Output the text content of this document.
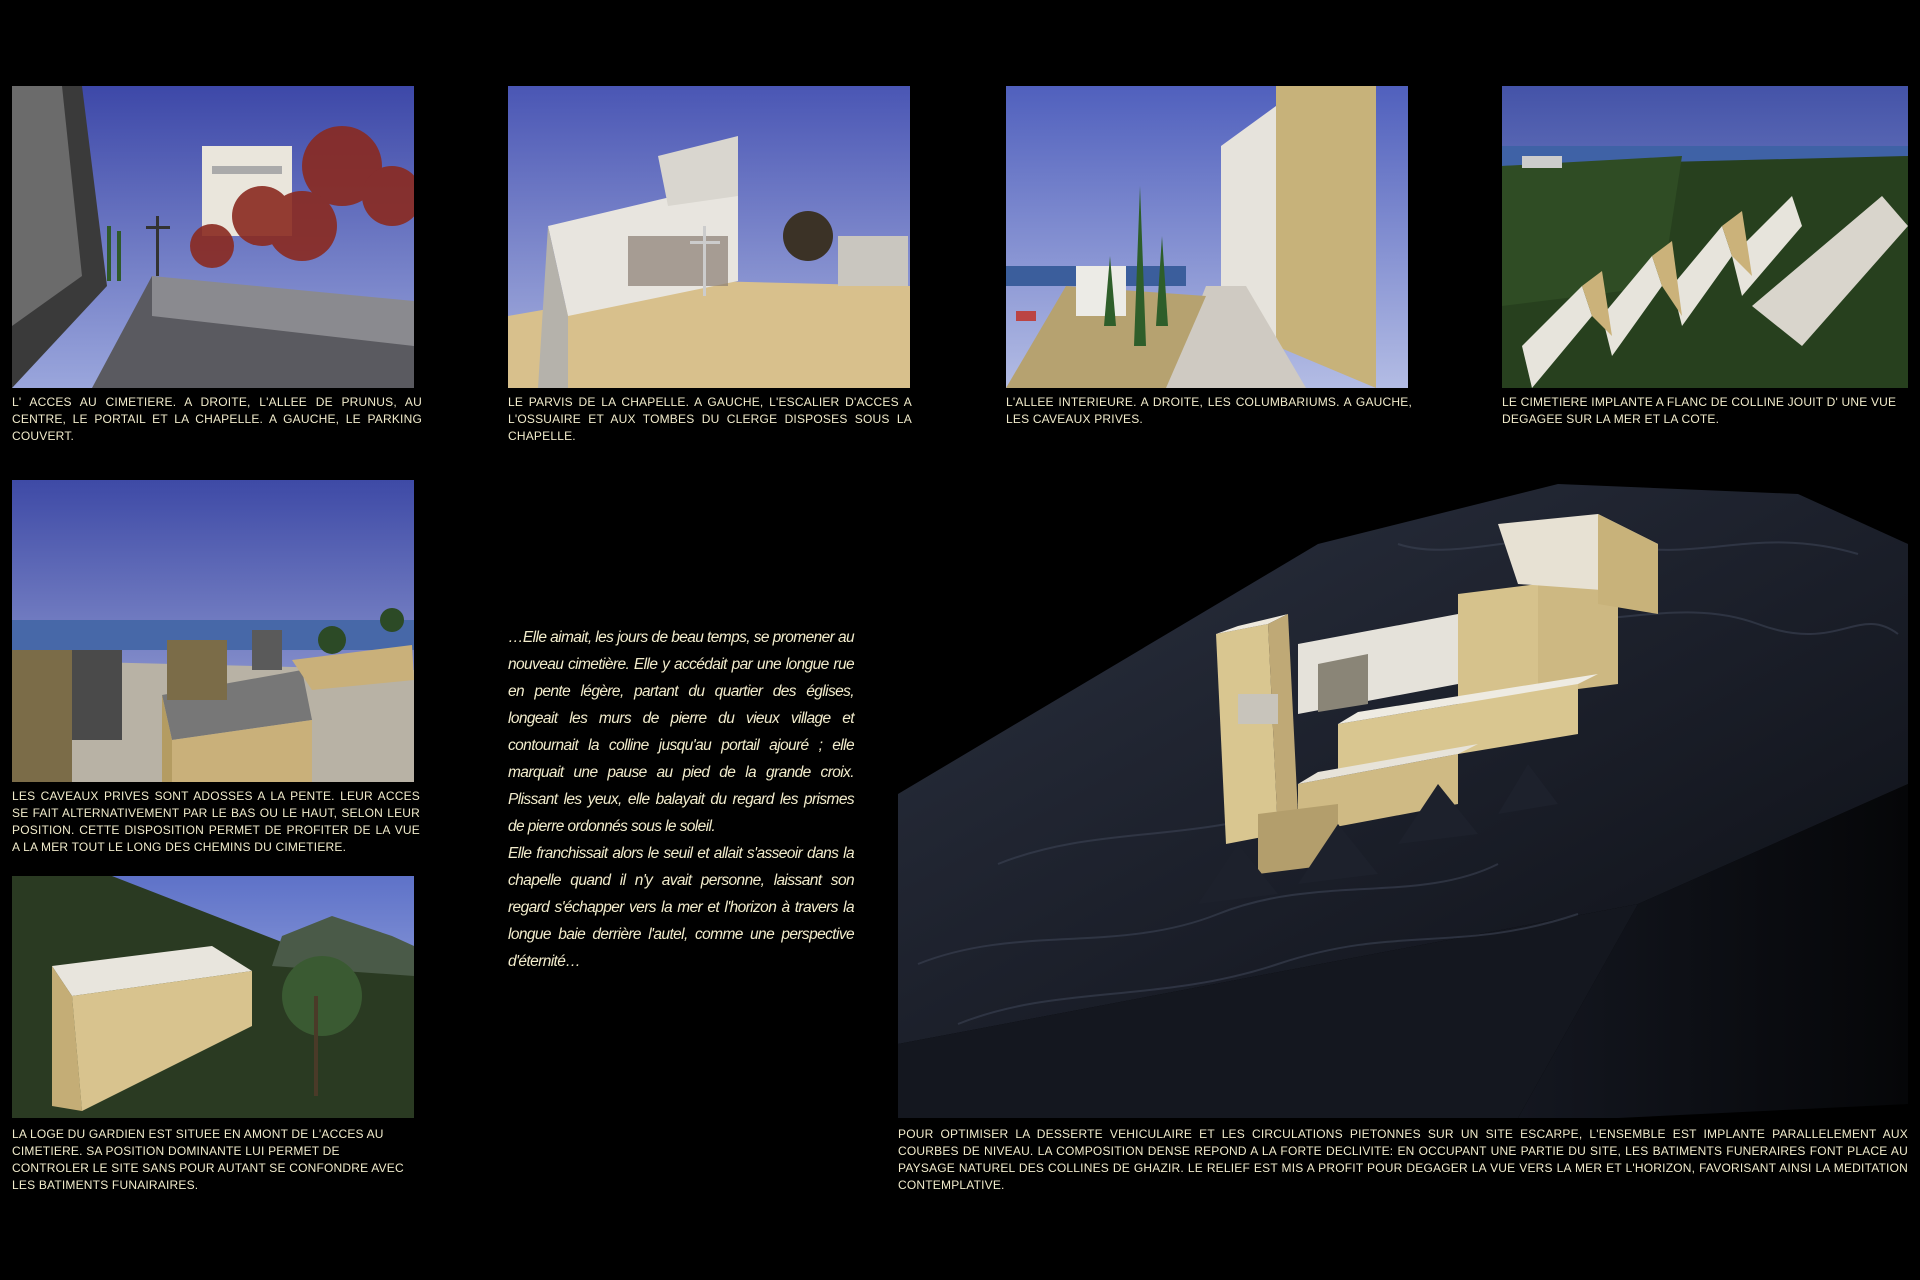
L' ACCES AU CIMETIERE. A DROITE, L'ALLEE DE PRUNUS, AU CENTRE, LE PORTAIL ET LA CHAPELLE. A GAUCHE, LE PARKING COUVERT.

LE PARVIS DE LA CHAPELLE. A GAUCHE, L'ESCALIER D'ACCES A L'OSSUAIRE ET AUX TOMBES DU CLERGE DISPOSES SOUS LA CHAPELLE.

L'ALLEE INTERIEURE. A DROITE, LES COLUMBARIUMS. A GAUCHE, LES CAVEAUX PRIVES.

LE CIMETIERE IMPLANTE A FLANC DE COLLINE JOUIT D' UNE VUE DEGAGEE SUR LA MER ET LA COTE.

LES CAVEAUX PRIVES SONT ADOSSES A LA PENTE. LEUR ACCES SE FAIT ALTERNATIVEMENT PAR LE BAS OU LE HAUT, SELON LEUR POSITION. CETTE DISPOSITION PERMET DE PROFITER DE LA VUE A LA MER TOUT LE LONG DES CHEMINS DU CIMETIERE.

LA LOGE DU GARDIEN EST SITUEE EN AMONT DE L'ACCES AU CIMETIERE. SA POSITION DOMINANTE LUI PERMET DE CONTROLER LE SITE SANS POUR AUTANT SE CONFONDRE AVEC LES BATIMENTS FUNAIRAIRES.

…Elle aimait, les jours de beau temps, se promener au nouveau cimetière. Elle y accédait par une longue rue en pente légère, partant du quartier des églises, longeait les murs de pierre du vieux village et contournait la colline jusqu'au portail ajouré ; elle marquait une pause au pied de la grande croix. Plissant les yeux, elle balayait du regard les prismes de pierre ordonnés sous le soleil.

Elle franchissait alors le seuil et allait s'asseoir dans la chapelle quand il n'y avait personne, laissant son regard s'échapper vers la mer et l'horizon à travers la longue baie derrière l'autel, comme une perspective d'éternité…

POUR OPTIMISER LA DESSERTE VEHICULAIRE ET LES CIRCULATIONS PIETONNES SUR UN SITE ESCARPE, L'ENSEMBLE EST IMPLANTE PARALLELEMENT AUX COURBES DE NIVEAU. LA COMPOSITION DENSE REPOND A LA FORTE DECLIVITE: EN OCCUPANT UNE PARTIE DU SITE, LES BATIMENTS FUNERAIRES FONT PLACE AU PAYSAGE NATUREL DES COLLINES DE GHAZIR. LE RELIEF EST MIS A PROFIT POUR DEGAGER LA VUE VERS LA MER ET L'HORIZON, FAVORISANT AINSI LA MEDITATION CONTEMPLATIVE.
